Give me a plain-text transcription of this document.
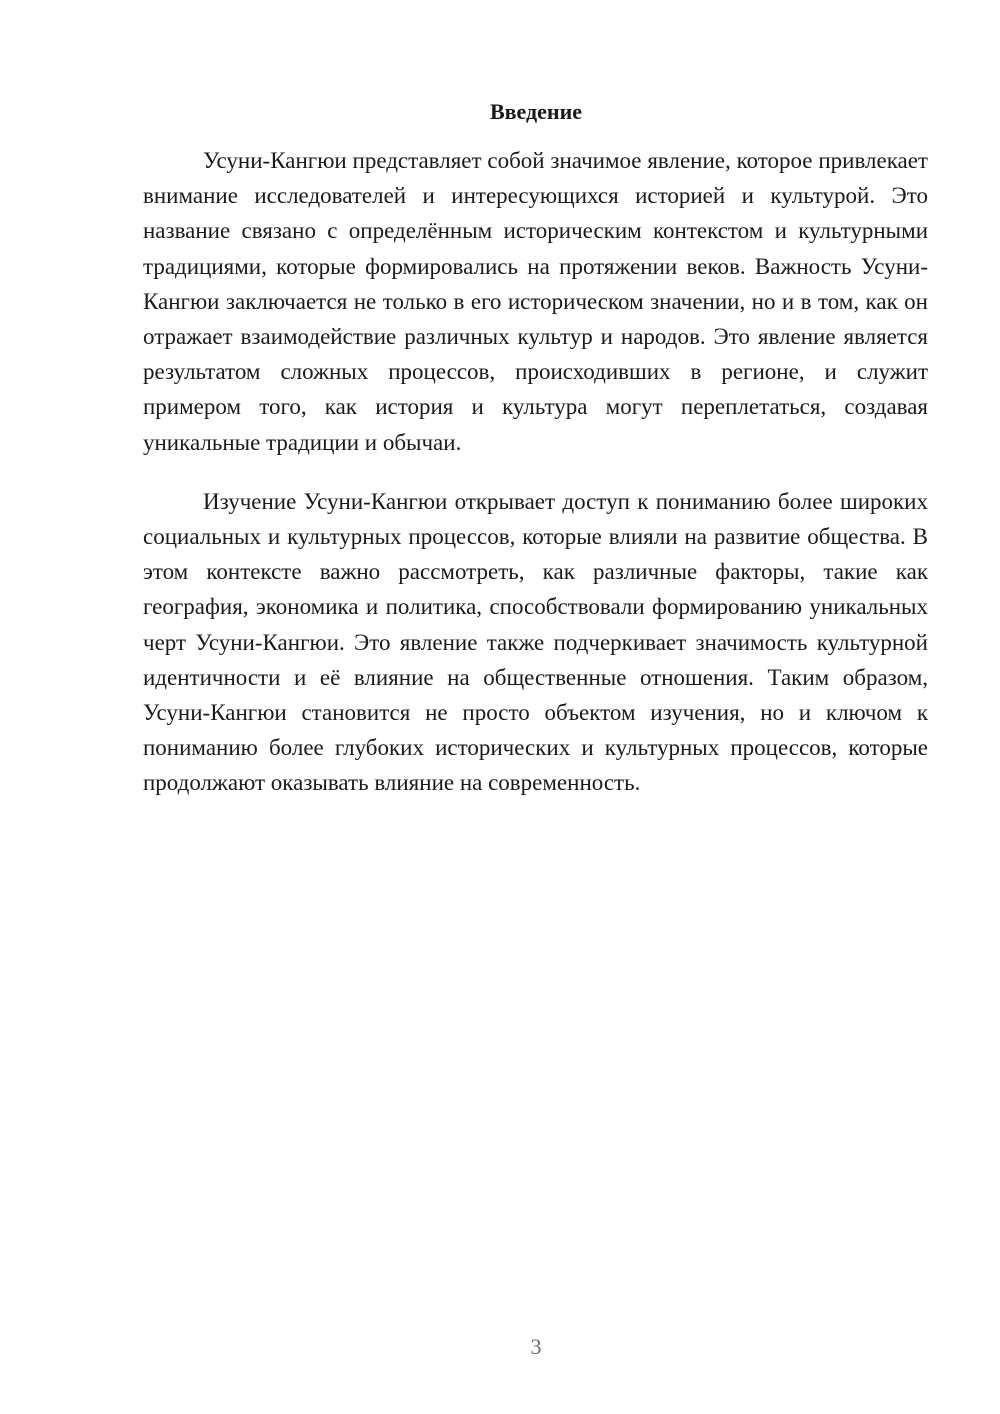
Введение

Усуни-Кангюи представляет собой значимое явление, которое привлекает внимание исследователей и интересующихся историей и культурой. Это название связано с определённым историческим контекстом и культурными традициями, которые формировались на протяжении веков. Важность Усуни-Кангюи заключается не только в его историческом значении, но и в том, как он отражает взаимодействие различных культур и народов. Это явление является результатом сложных процессов, происходивших в регионе, и служит примером того, как история и культура могут переплетаться, создавая уникальные традиции и обычаи.

Изучение Усуни-Кангюи открывает доступ к пониманию более широких социальных и культурных процессов, которые влияли на развитие общества. В этом контексте важно рассмотреть, как различные факторы, такие как география, экономика и политика, способствовали формированию уникальных черт Усуни-Кангюи. Это явление также подчеркивает значимость культурной идентичности и её влияние на общественные отношения. Таким образом, Усуни-Кангюи становится не просто объектом изучения, но и ключом к пониманию более глубоких исторических и культурных процессов, которые продолжают оказывать влияние на современность.

3
